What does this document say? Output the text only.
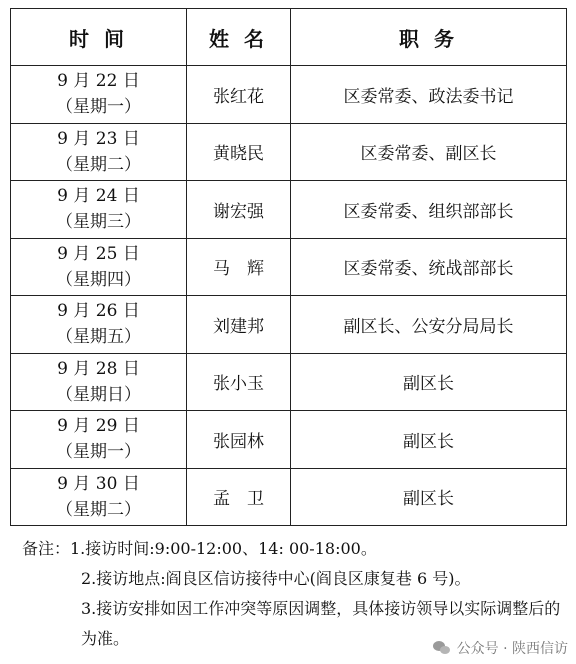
时 间	姓 名	职 务

9 月 22 日
（星期一）	张红花	区委常委、政法委书记

9 月 23 日
（星期二）	黄晓民	区委常委、副区长

9 月 24 日
（星期三）	谢宏强	区委常委、组织部部长

9 月 25 日
（星期四）	马　辉	区委常委、统战部部长

9 月 26 日
（星期五）	刘建邦	副区长、公安分局局长

9 月 28 日
（星期日）	张小玉	副区长

9 月 29 日
（星期一）	张园林	副区长

9 月 30 日
（星期二）	孟　卫	副区长
备注：1.接访时间:9:00-12:00、14: 00-18:00。
2.接访地点:阎良区信访接待中心(阎良区康复巷 6 号)。
3.接访安排如因工作冲突等原因调整，具体接访领导以实际调整后的为准。
公众号 · 陕西信访
